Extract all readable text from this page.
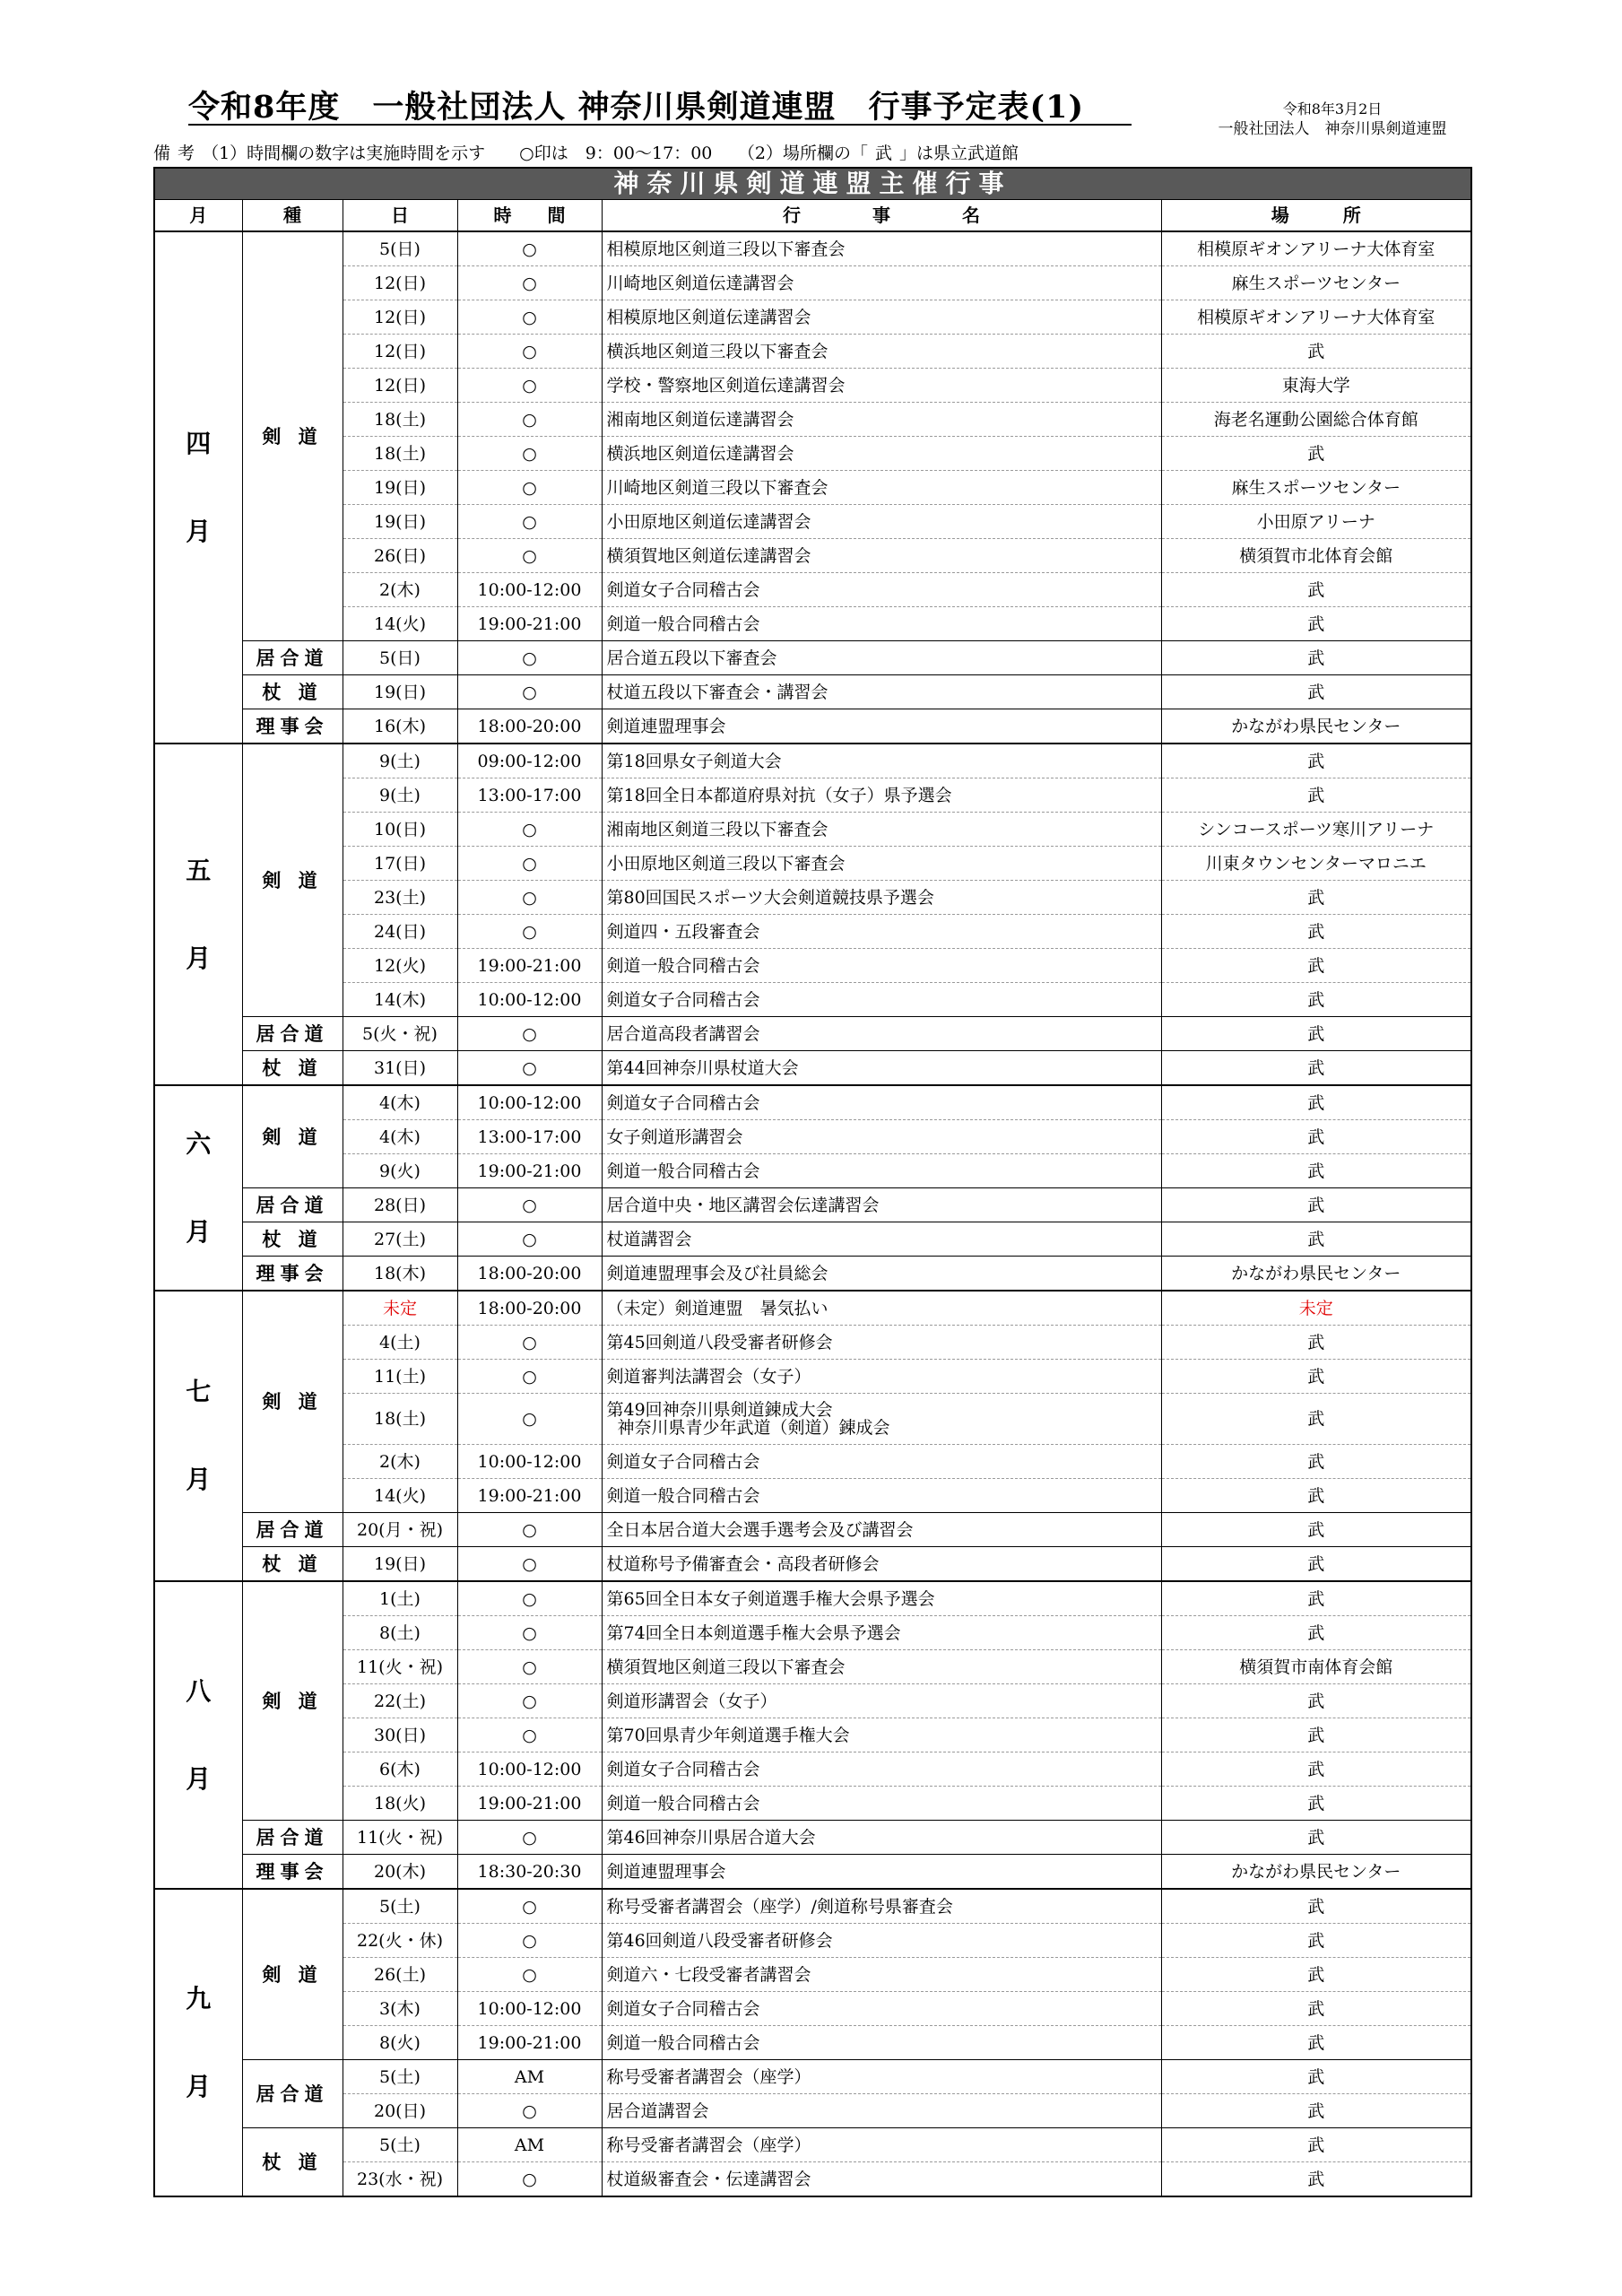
令和8年度　一般社団法人 神奈川県剣道連盟　行事予定表(1)	令和8年3月2日
一般社団法人　神奈川県剣道連盟
備 考 （1）時間欄の数字は実施時間を示す　　○印は　9：00～17：00　　（2）場所欄の「 武 」は県立武道館
神奈川県剣道連盟主催行事					
月	種	日	時　　間	行　　　　事　　　　名	場　　　所

四
月	剣 道	5(日)	○	相模原地区剣道三段以下審査会	相模原ギオンアリーナ大体育室
		12(日)	○	川崎地区剣道伝達講習会	麻生スポーツセンター
		12(日)	○	相模原地区剣道伝達講習会	相模原ギオンアリーナ大体育室
		12(日)	○	横浜地区剣道三段以下審査会	武
		12(日)	○	学校・警察地区剣道伝達講習会	東海大学
		18(土)	○	湘南地区剣道伝達講習会	海老名運動公園総合体育館
		18(土)	○	横浜地区剣道伝達講習会	武
		19(日)	○	川崎地区剣道三段以下審査会	麻生スポーツセンター
		19(日)	○	小田原地区剣道伝達講習会	小田原アリーナ
		26(日)	○	横須賀地区剣道伝達講習会	横須賀市北体育会館
		2(木)	10:00-12:00	剣道女子合同稽古会	武
		14(火)	19:00-21:00	剣道一般合同稽古会	武
	居合道	5(日)	○	居合道五段以下審査会	武
	杖 道	19(日)	○	杖道五段以下審査会・講習会	武
	理事会	16(木)	18:00-20:00	剣道連盟理事会	かながわ県民センター

五
月	剣 道	9(土)	09:00-12:00	第18回県女子剣道大会	武
		9(土)	13:00-17:00	第18回全日本都道府県対抗（女子）県予選会	武
		10(日)	○	湘南地区剣道三段以下審査会	シンコースポーツ寒川アリーナ
		17(日)	○	小田原地区剣道三段以下審査会	川東タウンセンターマロニエ
		23(土)	○	第80回国民スポーツ大会剣道競技県予選会	武
		24(日)	○	剣道四・五段審査会	武
		12(火)	19:00-21:00	剣道一般合同稽古会	武
		14(木)	10:00-12:00	剣道女子合同稽古会	武
	居合道	5(火・祝)	○	居合道高段者講習会	武
	杖 道	31(日)	○	第44回神奈川県杖道大会	武

六
月	剣 道	4(木)	10:00-12:00	剣道女子合同稽古会	武
		4(木)	13:00-17:00	女子剣道形講習会	武
		9(火)	19:00-21:00	剣道一般合同稽古会	武
	居合道	28(日)	○	居合道中央・地区講習会伝達講習会	武
	杖 道	27(土)	○	杖道講習会	武
	理事会	18(木)	18:00-20:00	剣道連盟理事会及び社員総会	かながわ県民センター

七
月	剣 道	未定	18:00-20:00	（未定）剣道連盟　暑気払い	未定
		4(土)	○	第45回剣道八段受審者研修会	武
		11(土)	○	剣道審判法講習会（女子）	武
		18(土)	○	第49回神奈川県剣道錬成大会
神奈川県青少年武道（剣道）錬成会	武
		2(木)	10:00-12:00	剣道女子合同稽古会	武
		14(火)	19:00-21:00	剣道一般合同稽古会	武
	居合道	20(月・祝)	○	全日本居合道大会選手選考会及び講習会	武
	杖 道	19(日)	○	杖道称号予備審査会・高段者研修会	武

八
月	剣 道	1(土)	○	第65回全日本女子剣道選手権大会県予選会	武
		8(土)	○	第74回全日本剣道選手権大会県予選会	武
		11(火・祝)	○	横須賀地区剣道三段以下審査会	横須賀市南体育会館
		22(土)	○	剣道形講習会（女子）	武
		30(日)	○	第70回県青少年剣道選手権大会	武
		6(木)	10:00-12:00	剣道女子合同稽古会	武
		18(火)	19:00-21:00	剣道一般合同稽古会	武
	居合道	11(火・祝)	○	第46回神奈川県居合道大会	武
	理事会	20(木)	18:30-20:30	剣道連盟理事会	かながわ県民センター

九
月	剣 道	5(土)	○	称号受審者講習会（座学）/剣道称号県審査会	武
		22(火・休)	○	第46回剣道八段受審者研修会	武
		26(土)	○	剣道六・七段受審者講習会	武
		3(木)	10:00-12:00	剣道女子合同稽古会	武
		8(火)	19:00-21:00	剣道一般合同稽古会	武
	居合道	5(土)	AM	称号受審者講習会（座学）	武
		20(日)	○	居合道講習会	武
	杖 道	5(土)	AM	称号受審者講習会（座学）	武
		23(水・祝)	○	杖道級審査会・伝達講習会	武
